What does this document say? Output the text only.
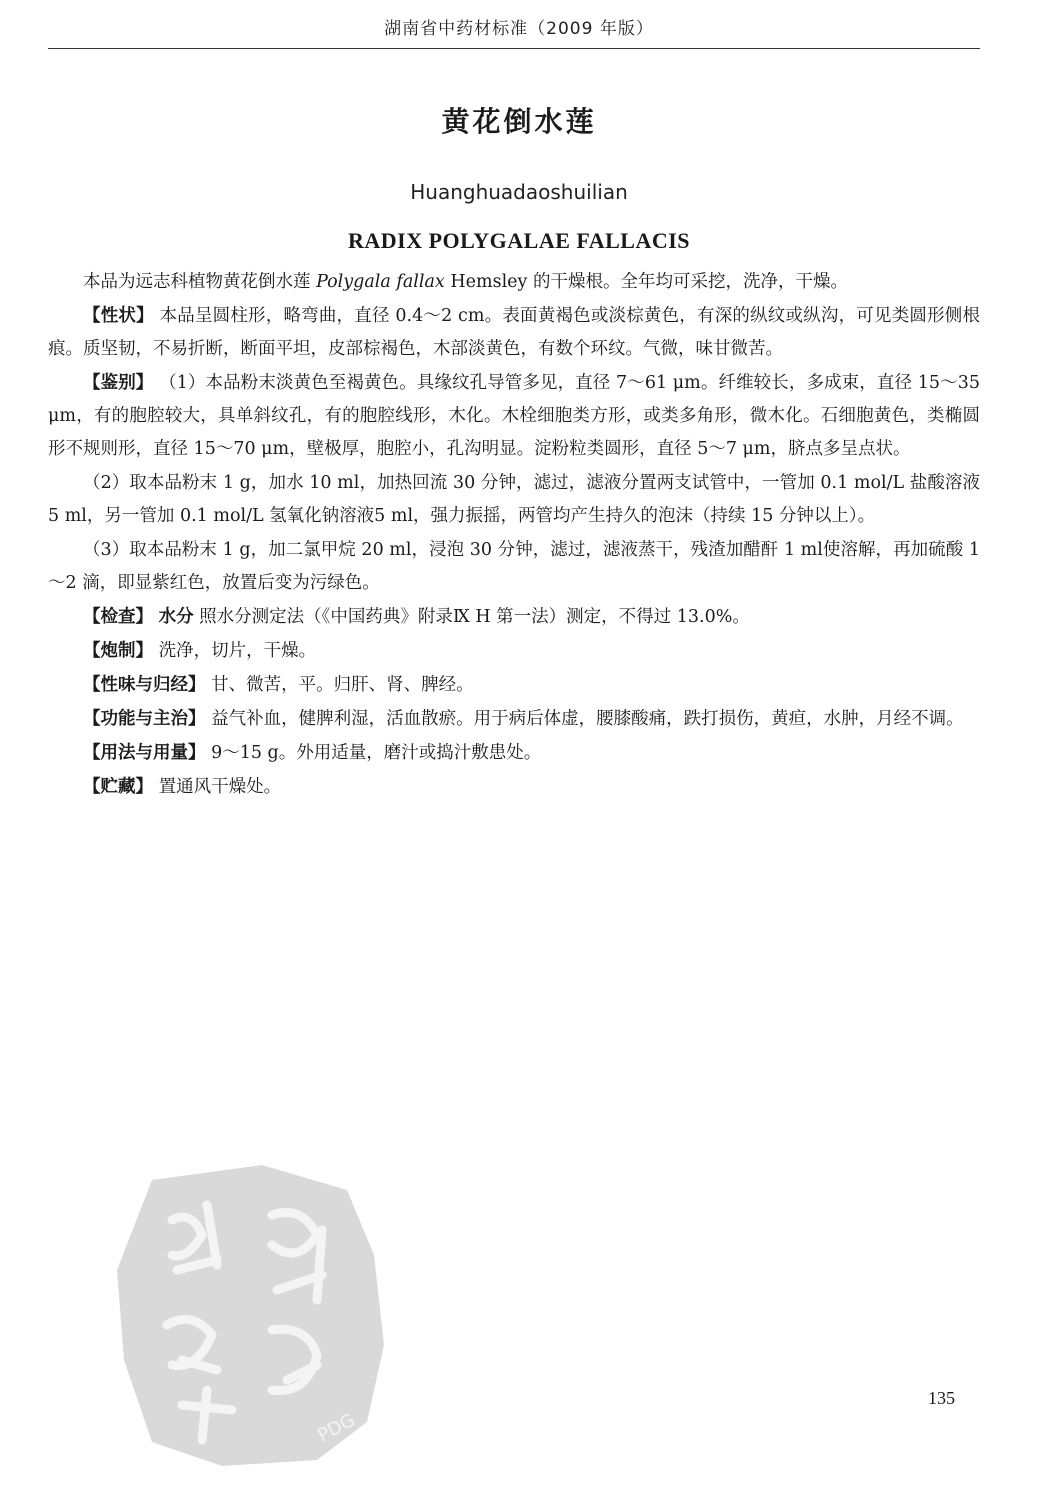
湖南省中药材标准（2009 年版）
黄花倒水莲
Huanghuadaoshuilian
RADIX POLYGALAE FALLACIS

本品为远志科植物黄花倒水莲 Polygala fallax Hemsley 的干燥根。全年均可采挖，洗净，干燥。

【性状】 本品呈圆柱形，略弯曲，直径 0.4～2 cm。表面黄褐色或淡棕黄色，有深的纵纹或纵沟，可见类圆形侧根痕。质坚韧，不易折断，断面平坦，皮部棕褐色，木部淡黄色，有数个环纹。气微，味甘微苦。

【鉴别】 （1）本品粉末淡黄色至褐黄色。具缘纹孔导管多见，直径 7～61 μm。纤维较长，多成束，直径 15～35 μm，有的胞腔较大，具单斜纹孔，有的胞腔线形，木化。木栓细胞类方形，或类多角形，微木化。石细胞黄色，类椭圆形不规则形，直径 15～70 μm，壁极厚，胞腔小，孔沟明显。淀粉粒类圆形，直径 5～7 μm，脐点多呈点状。

（2）取本品粉末 1 g，加水 10 ml，加热回流 30 分钟，滤过，滤液分置两支试管中，一管加 0.1 mol/L 盐酸溶液 5 ml，另一管加 0.1 mol/L 氢氧化钠溶液5 ml，强力振摇，两管均产生持久的泡沫（持续 15 分钟以上）。

（3）取本品粉末 1 g，加二氯甲烷 20 ml，浸泡 30 分钟，滤过，滤液蒸干，残渣加醋酐 1 ml使溶解，再加硫酸 1～2 滴，即显紫红色，放置后变为污绿色。

【检查】 水分 照水分测定法（《中国药典》附录Ⅸ H 第一法）测定，不得过 13.0%。

【炮制】 洗净，切片，干燥。

【性味与归经】 甘、微苦，平。归肝、肾、脾经。

【功能与主治】 益气补血，健脾利湿，活血散瘀。用于病后体虚，腰膝酸痛，跌打损伤，黄疸，水肿，月经不调。

【用法与用量】 9～15 g。外用适量，磨汁或捣汁敷患处。

【贮藏】 置通风干燥处。

PDG
135
